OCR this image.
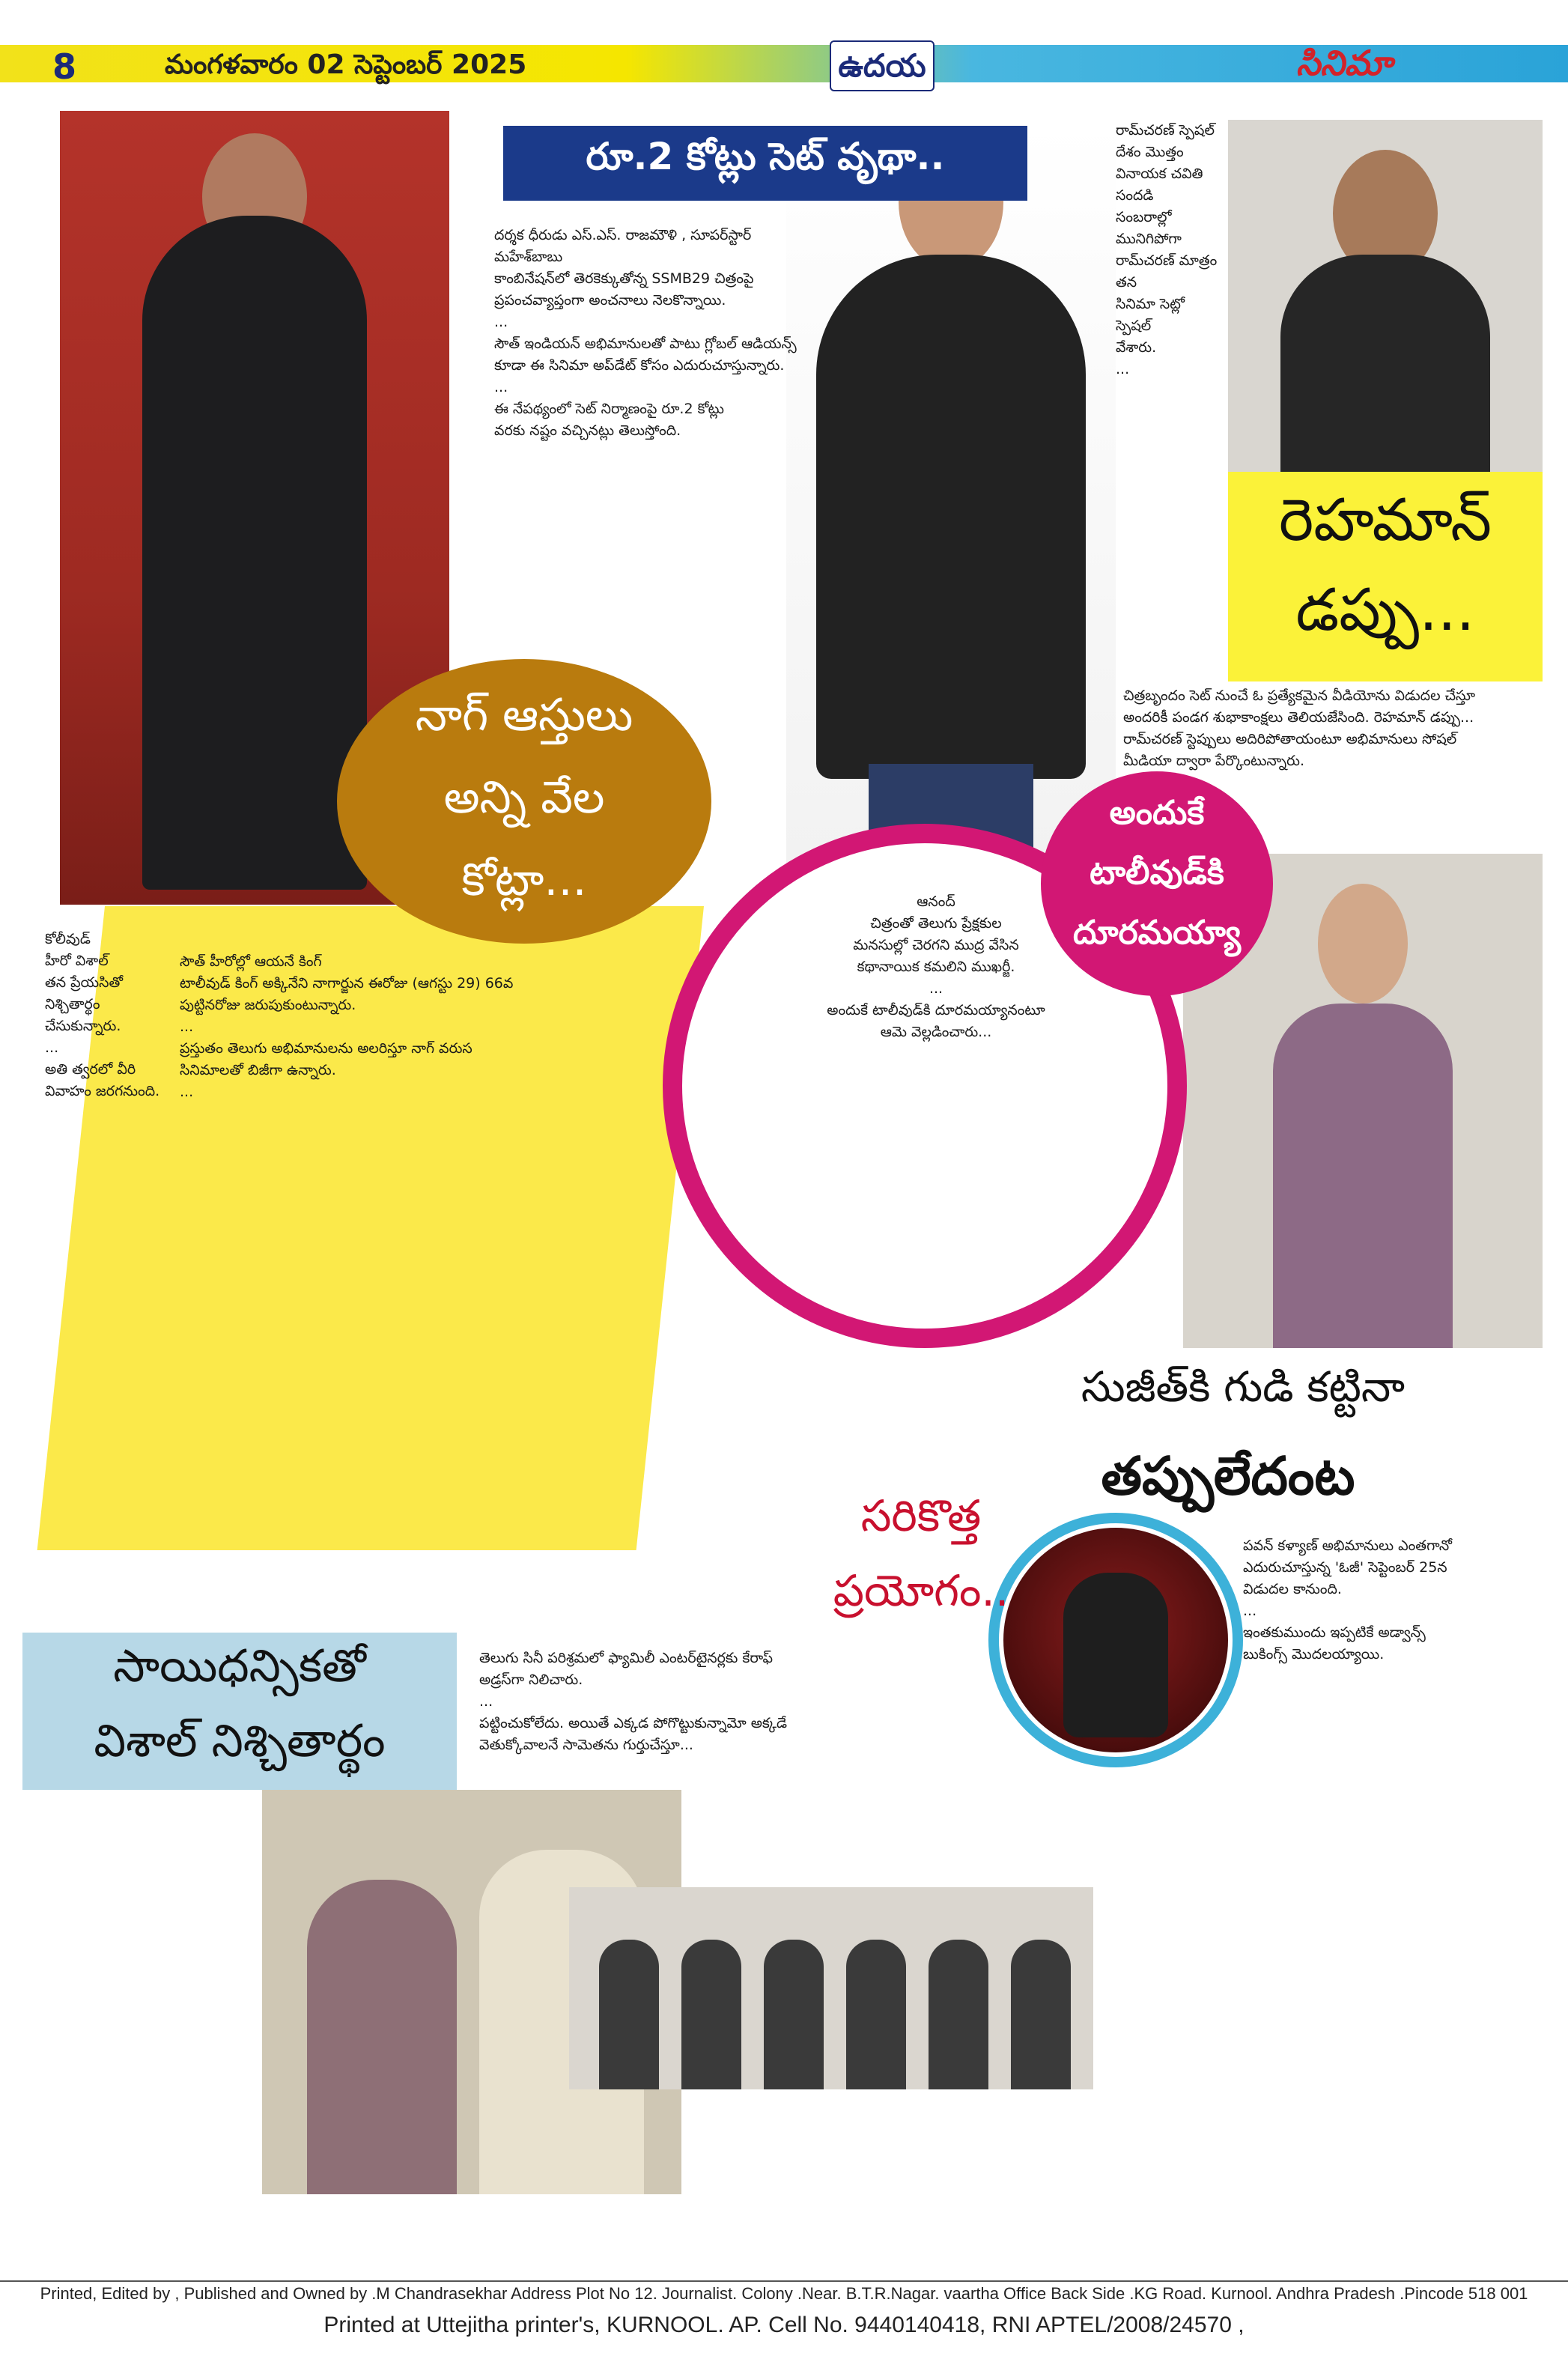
8	మంగళవారం 02 సెప్టెంబర్ 2025	ఉదయ	సినిమా
రూ.2 కోట్లు సెట్ వృథా..
దర్శక ధీరుడు ఎస్.ఎస్. రాజమౌళి , సూపర్‌స్టార్ మహేశ్‌బాబు
కాంబినేషన్‌లో తెరకెక్కుతోన్న SSMB29 చిత్రంపై
ప్రపంచవ్యాప్తంగా అంచనాలు నెలకొన్నాయి.
...
సౌత్ ఇండియన్ అభిమానులతో పాటు గ్లోబల్ ఆడియన్స్
కూడా ఈ సినిమా అప్‌డేట్ కోసం ఎదురుచూస్తున్నారు.
...
ఈ నేపథ్యంలో సెట్ నిర్మాణంపై రూ.2 కోట్లు
వరకు నష్టం వచ్చినట్లు తెలుస్తోంది.
రామ్‌చరణ్ స్పెషల్
దేశం మొత్తం
వినాయక చవితి సందడి
సంబరాల్లో మునిగిపోగా
రామ్‌చరణ్ మాత్రం తన
సినిమా సెట్లో స్పెషల్
వేశారు.
...
రెహమాన్
డప్పు...
చిత్రబృందం సెట్ నుంచే ఓ ప్రత్యేకమైన వీడియోను విడుదల చేస్తూ
అందరికీ పండగ శుభాకాంక్షలు తెలియజేసింది. రెహమాన్ డప్పు...
రామ్‌చరణ్ స్టెప్పులు అదిరిపోతాయంటూ అభిమానులు సోషల్
మీడియా ద్వారా పేర్కొంటున్నారు.

నాగ్ ఆస్తులు
అన్ని వేల
కోట్లా...
సౌత్ హీరోల్లో ఆయనే కింగ్
టాలీవుడ్ కింగ్ అక్కినేని నాగార్జున ఈరోజు (ఆగస్టు 29) 66వ
పుట్టినరోజు జరుపుకుంటున్నారు.
...
ప్రస్తుతం తెలుగు అభిమానులను అలరిస్తూ నాగ్ వరుస
సినిమాలతో బిజీగా ఉన్నారు.
...
కోలీవుడ్
హీరో విశాల్
తన ప్రేయసితో
నిశ్చితార్థం
చేసుకున్నారు.
...
అతి త్వరలో వీరి
వివాహం జరగనుంది.
సాయిధన్సికతో
విశాల్ నిశ్చితార్థం
ఆనంద్
చిత్రంతో తెలుగు ప్రేక్షకుల
మనసుల్లో చెరగని ముద్ర వేసిన
కథానాయిక కమలిని ముఖర్జీ.
...
అందుకే టాలీవుడ్‌కి దూరమయ్యానంటూ
ఆమె వెల్లడించారు...
అందుకే
టాలీవుడ్‌కి
దూరమయ్యా
సుజీత్‌కి గుడి కట్టినా
తప్పులేదంట
పవన్ కళ్యాణ్ అభిమానులు ఎంతగానో
ఎదురుచూస్తున్న 'ఓజీ' సెప్టెంబర్ 25న
విడుదల కానుంది.
...
ఇంతకుముందు ఇప్పటికే అడ్వాన్స్
బుకింగ్స్ మొదలయ్యాయి.
సరికొత్త
ప్రయోగం..
తెలుగు సినీ పరిశ్రమలో ఫ్యామిలీ ఎంటర్‌టైనర్లకు కేరాఫ్
అడ్రస్‌గా నిలిచారు.
...
పట్టించుకోలేదు. అయితే ఎక్కడ పోగొట్టుకున్నామో అక్కడే
వెతుక్కోవాలనే సామెతను గుర్తుచేస్తూ...
Printed, Edited by , Published and Owned by .M Chandrasekhar Address Plot No 12. Journalist. Colony .Near. B.T.R.Nagar. vaartha Office Back Side .KG Road. Kurnool. Andhra Pradesh .Pincode 518 001
Printed at Uttejitha printer's, KURNOOL. AP. Cell No. 9440140418, RNI APTEL/2008/24570 ,
